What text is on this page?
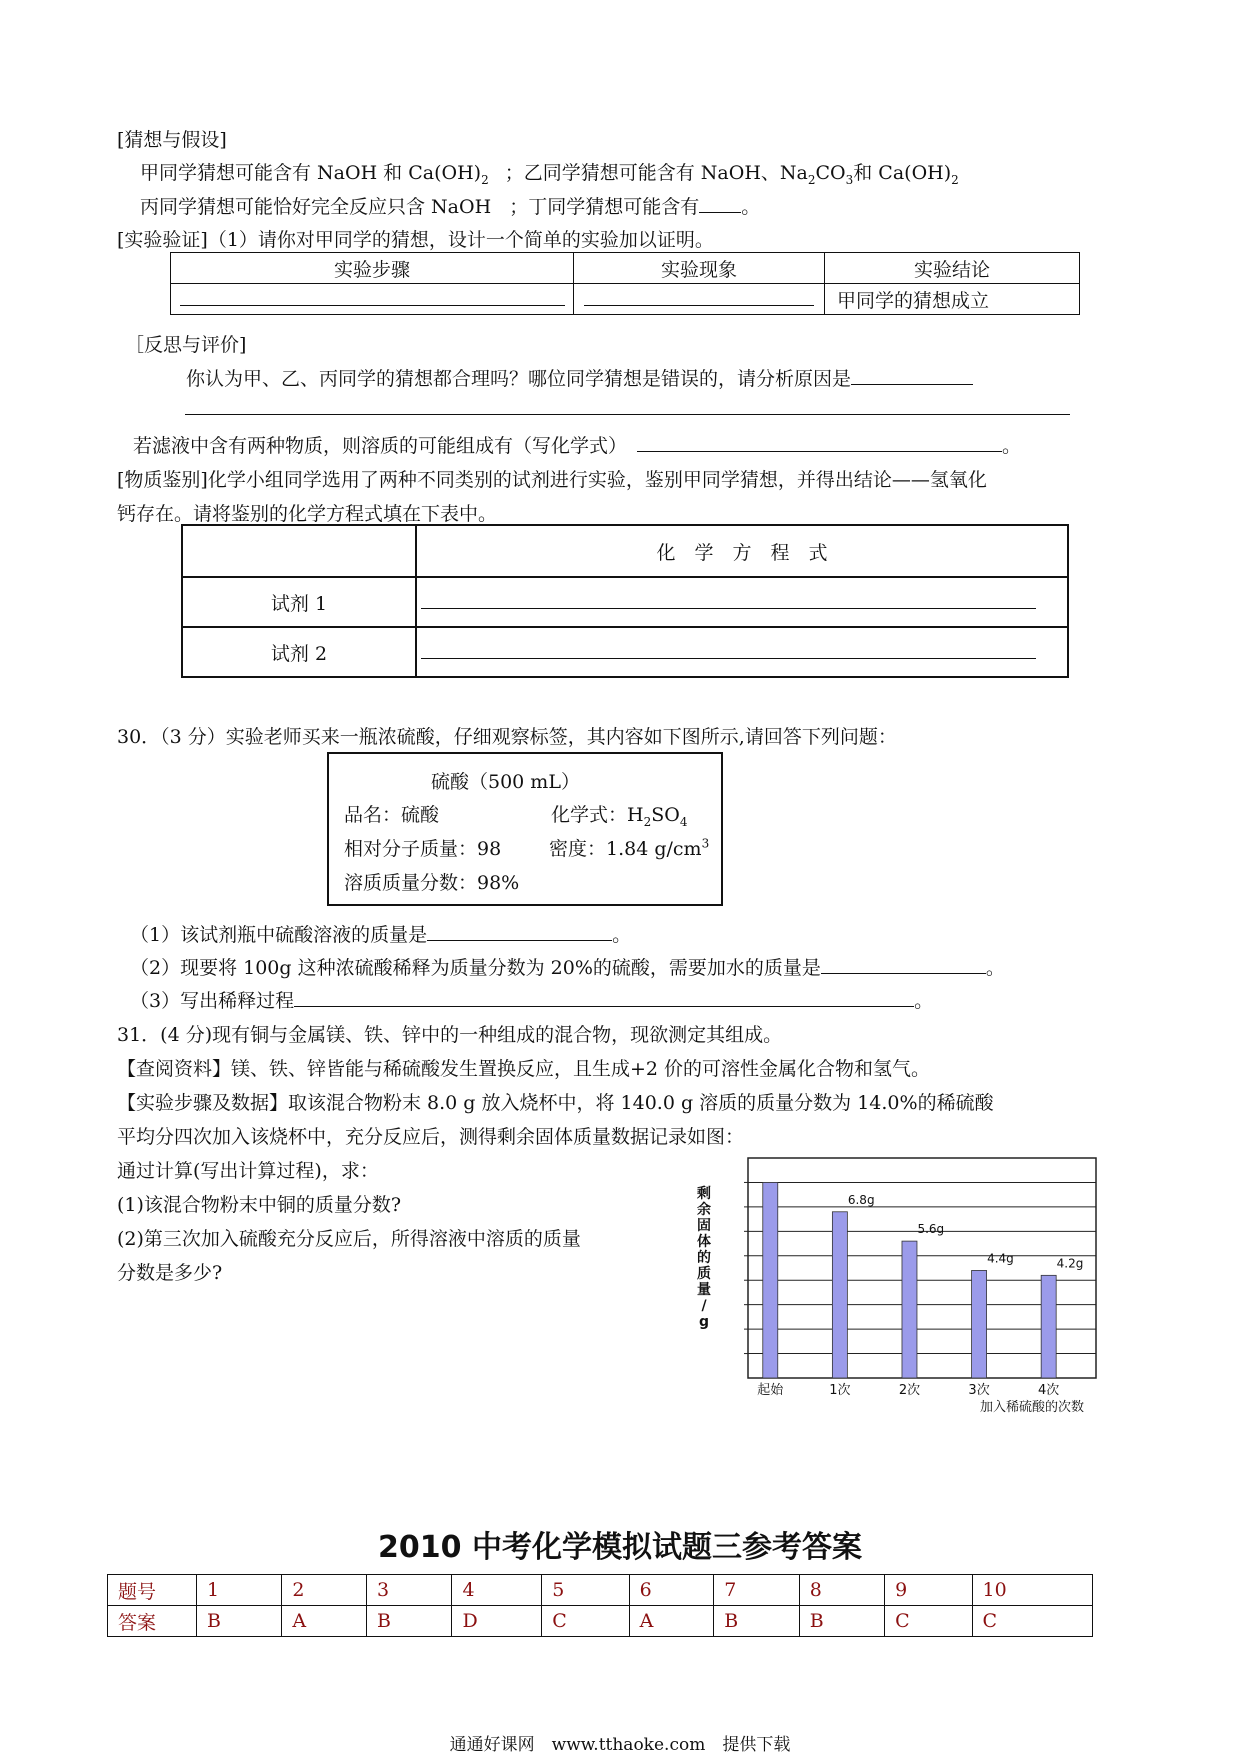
[猜想与假设]
甲同学猜想可能含有 NaOH 和 $Ca(OH)_2$ ；乙同学猜想可能含有 NaOH、$Na_2CO_3$和 $Ca(OH)_2$
丙同学猜想可能恰好完全反应只含 NaOH ；丁同学猜想可能含有 。
[实验验证]（1）请你对甲同学的猜想，设计一个简单的实验加以证明。
实验步骤	实验现象	实验结论
		甲同学的猜想成立
［反思与评价]
你认为甲、乙、丙同学的猜想都合理吗？哪位同学猜想是错误的，请分析原因是
若滤液中含有两种物质，则溶质的可能组成有（写化学式）	。
[物质鉴别]化学小组同学选用了两种不同类别的试剂进行实验，鉴别甲同学猜想，并得出结论——氢氧化
钙存在。请将鉴别的化学方程式填在下表中。
	化　学　方　程　式
试剂 1	
试剂 2	
30．（3 分）实验老师买来一瓶浓硫酸，仔细观察标签，其内容如下图所示,请回答下列问题：
硫酸（500 mL）
品名：硫酸	化学式：$H_2SO_4$
相对分子质量：98	密度：1.84 $g/cm^3$
溶质质量分数：98%
（1）该试剂瓶中硫酸溶液的质量是	。
（2）现要将 100g 这种浓硫酸稀释为质量分数为 20%的硫酸，需要加水的质量是	。
（3）写出稀释过程	。
31．(4 分)现有铜与金属镁、铁、锌中的一种组成的混合物，现欲测定其组成。
【查阅资料】镁、铁、锌皆能与稀硫酸发生置换反应，且生成+2 价的可溶性金属化合物和氢气。
【实验步骤及数据】取该混合物粉末 8.0 g 放入烧杯中，将 140.0 g 溶质的质量分数为 14.0%的稀硫酸
平均分四次加入该烧杯中，充分反应后，测得剩余固体质量数据记录如图：
通过计算(写出计算过程)，求：
(1)该混合物粉末中铜的质量分数?
(2)第三次加入硫酸充分反应后，所得溶液中溶质的质量
分数是多少?
起始
6.8g
1次
5.6g
2次
4.4g
3次
4.2g
4次
加入稀硫酸的次数
剩
余
固
体
的
质
量
/
g
2010 中考化学模拟试题三参考答案
题号	1	2	3	4	5	6	7	8	9	10
答案	B	A	B	D	C	A	B	B	C	C
通通好课网　www.tthaoke.com　提供下载
